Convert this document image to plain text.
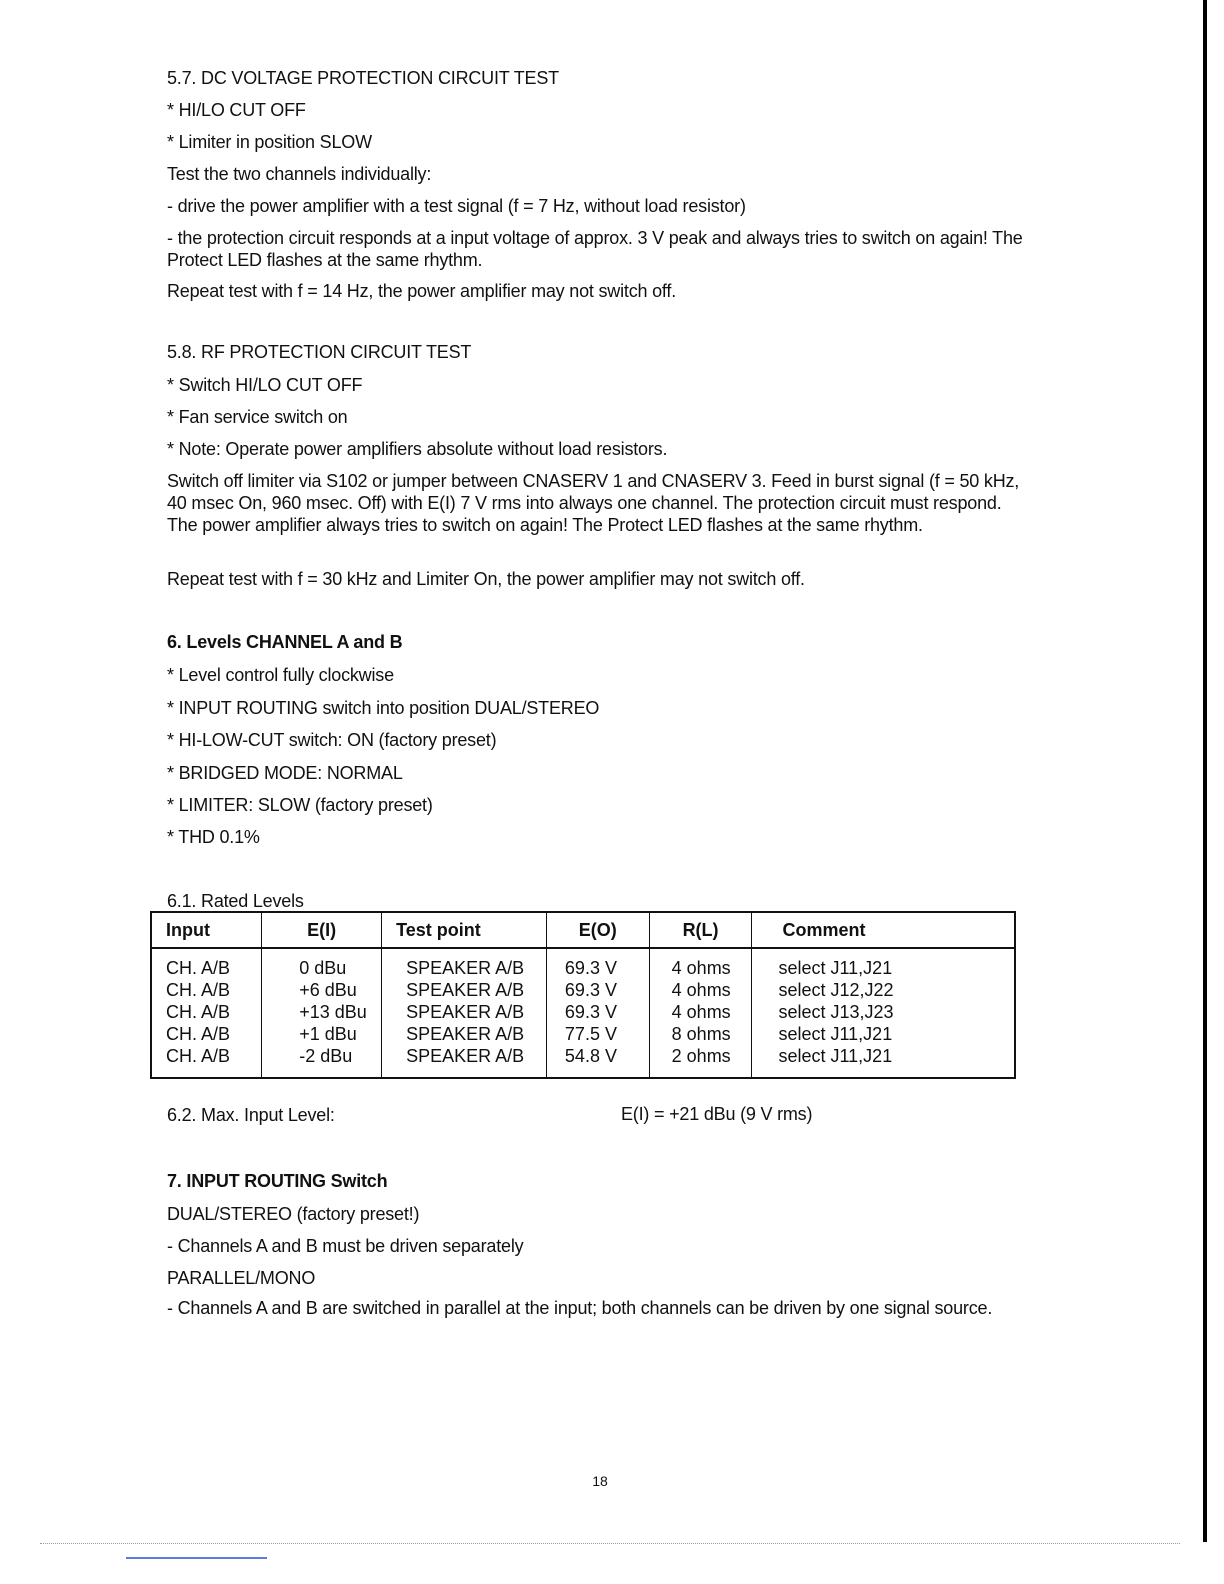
5.7. DC VOLTAGE PROTECTION CIRCUIT TEST
* HI/LO CUT OFF
* Limiter in position SLOW
Test the two channels individually:
- drive the power amplifier with a test signal (f = 7 Hz, without load resistor)
- the protection circuit responds at a input voltage of approx. 3 V peak and always tries to switch on again! The Protect LED flashes at the same rhythm.
Repeat test with f = 14 Hz, the power amplifier may not switch off.
5.8. RF PROTECTION CIRCUIT TEST
* Switch HI/LO CUT OFF
* Fan service switch on
* Note: Operate power amplifiers absolute without load resistors.
Switch off limiter via S102 or jumper between CNASERV 1 and CNASERV 3. Feed in burst signal (f = 50 kHz, 40 msec On, 960 msec. Off) with E(I) 7 V rms into always one channel. The protection circuit must respond. The power amplifier always tries to switch on again! The Protect LED flashes at the same rhythm.
Repeat test with f = 30 kHz and Limiter On, the power amplifier may not switch off.
6. Levels CHANNEL A and B
* Level control fully clockwise
* INPUT ROUTING switch into position DUAL/STEREO
* HI-LOW-CUT switch: ON (factory preset)
* BRIDGED MODE: NORMAL
* LIMITER: SLOW (factory preset)
* THD 0.1%
6.1. Rated Levels
Input	E(I)	Test point	E(O)	R(L)	Comment
CH. A/B	0 dBu	SPEAKER A/B	69.3 V	4 ohms	select J11,J21
CH. A/B	+6 dBu	SPEAKER A/B	69.3 V	4 ohms	select J12,J22
CH. A/B	+13 dBu	SPEAKER A/B	69.3 V	4 ohms	select J13,J23
CH. A/B	+1 dBu	SPEAKER A/B	77.5 V	8 ohms	select J11,J21
CH. A/B	-2 dBu	SPEAKER A/B	54.8 V	2 ohms	select J11,J21
6.2. Max. Input Level:	E(I) = +21 dBu (9 V rms)
7. INPUT ROUTING Switch
DUAL/STEREO (factory preset!)
- Channels A and B must be driven separately
PARALLEL/MONO
- Channels A and B are switched in parallel at the input; both channels can be driven by one signal source.
18
